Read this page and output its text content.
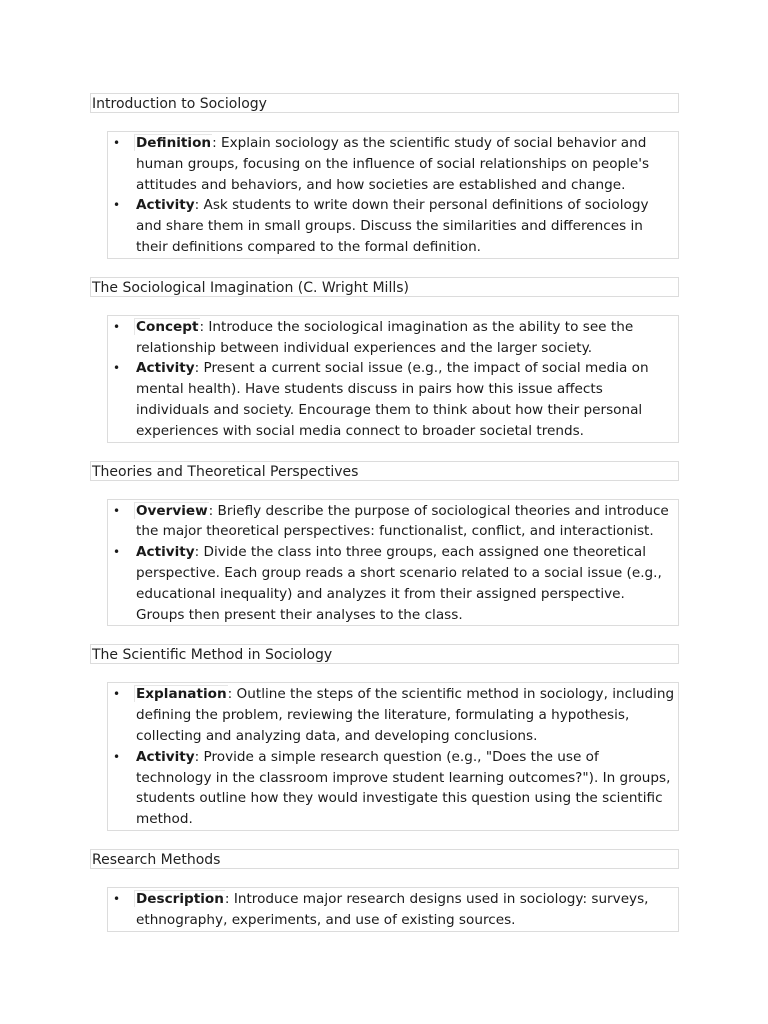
Introduction to Sociology
• Definition: Explain sociology as the scientific study of social behavior and human groups, focusing on the influence of social relationships on people's attitudes and behaviors, and how societies are established and change.
• Activity: Ask students to write down their personal definitions of sociology and share them in small groups. Discuss the similarities and differences in their definitions compared to the formal definition.
The Sociological Imagination (C. Wright Mills)
• Concept: Introduce the sociological imagination as the ability to see the relationship between individual experiences and the larger society.
• Activity: Present a current social issue (e.g., the impact of social media on mental health). Have students discuss in pairs how this issue affects individuals and society. Encourage them to think about how their personal experiences with social media connect to broader societal trends.
Theories and Theoretical Perspectives
• Overview: Briefly describe the purpose of sociological theories and introduce the major theoretical perspectives: functionalist, conflict, and interactionist.
• Activity: Divide the class into three groups, each assigned one theoretical perspective. Each group reads a short scenario related to a social issue (e.g., educational inequality) and analyzes it from their assigned perspective. Groups then present their analyses to the class.
The Scientific Method in Sociology
• Explanation: Outline the steps of the scientific method in sociology, including defining the problem, reviewing the literature, formulating a hypothesis, collecting and analyzing data, and developing conclusions.
• Activity: Provide a simple research question (e.g., "Does the use of technology in the classroom improve student learning outcomes?"). In groups, students outline how they would investigate this question using the scientific method.
Research Methods
• Description: Introduce major research designs used in sociology: surveys, ethnography, experiments, and use of existing sources.
